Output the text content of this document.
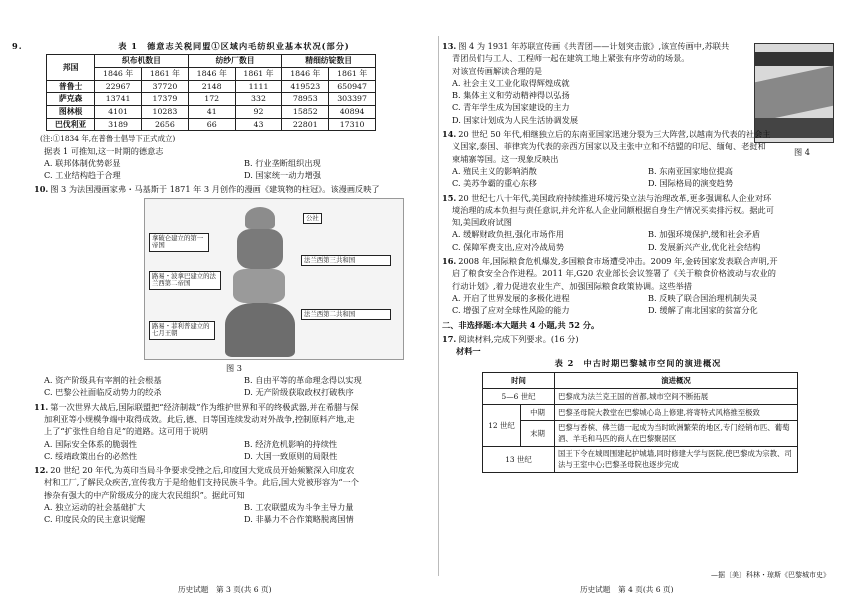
9.	表 1　德意志关税同盟①区域内毛纺织业基本状况(部分)
邦国	织布机数目		纺纱厂数目		精细纺锭数目	
	1846 年	1861 年	1846 年	1861 年	1846 年	1861 年
普鲁士	22967	37720	2148	1111	419523	650947
萨克森	13741	17379	172	332	78953	303397
图林根	4101	10283	41	92	15852	40894
巴伐利亚	3189	2656	66	43	22801	17310
(注:①1834 年,在普鲁士倡导下正式成立)
据表 1 可推知,这一时期的德意志
A. 联邦体制优势彰显	B. 行业垄断组织出现
C. 工业结构趋于合理	D. 国家统一动力增强
10. 图 3 为法国漫画家弗・马基斯于 1871 年 3 月创作的漫画《建筑物的柱冠》。该漫画反映了
公社
拿破仑建立的第一帝国
法兰西第三共和国
路易・波拿巴建立的法兰西第二帝国
法兰西第二共和国
路易・菲利普建立的七月王朝
图 3
A. 资产阶级具有宰割的社会根基	B. 自由平等的革命理念得以实现
C. 巴黎公社面临反动势力的绞杀	D. 无产阶级获取政权打破秩序
11. 第一次世界大战后,国际联盟把“经济制裁”作为维护世界和平的终极武器,并在希腊与保
加利亚等小规模争端中取得成效。此后,德、日等国连续发动对外战争,控制原料产地,走
上了“扩张性自给自足”的道路。这可用于说明
A. 国际安全体系的脆弱性	B. 经济危机影响的持续性
C. 绥靖政策出台的必然性	D. 大国一致原则的局限性
12. 20 世纪 20 年代,为英印当局斗争要求受挫之后,印度国大党成员开始频繁深入印度农
村和工厂,了解民众疾苦,宣传我方于是给他们支持民族斗争。此后,国大党被形容为“一个
掺杂有强大的中产阶级成分的庞大农民组织”。据此可知
A. 独立运动的社会基础扩大	B. 工农联盟成为斗争主导力量
C. 印度民众的民主意识觉醒	D. 非暴力不合作策略脱离国情
历史试题　第 3 页(共 6 页)
13. 图 4 为 1931 年苏联宣传画《共青团——计划突击旅》,该宣传画中,苏联共
青团员们与工人、工程师一起在建筑工地上紧张有序劳动的场景。
对该宣传画解读合理的是
A. 社会主义工业化取得辉煌成就
B. 集体主义和劳动精神得以弘扬
C. 青年学生成为国家建设的主力
D. 国家计划成为人民生活协调发展
图 4
14. 20 世纪 50 年代,相继独立后的东南亚国家迅速分裂为三大阵营,以越南为代表的社会主
义国家,泰国、菲律宾为代表的亲西方国家以及主张中立和不结盟的印尼、缅甸、老挝和
柬埔寨等国。这一现象反映出
A. 殖民主义的影响消散	B. 东南亚国家地位提高
C. 美苏争霸的重心东移	D. 国际格局的演变趋势
15. 20 世纪七八十年代,美国政府持续推进环境污染立法与治理改革,更多强调私人企业对环
境治理的成本负担与责任意识,并允许私人企业同额根据自身生产情况买卖排污权。据此可
知,美国政府试图
A. 缓解财政负担,强化市场作用	B. 加强环境保护,缓和社会矛盾
C. 保障军费支出,应对冷战局势	D. 发展新兴产业,优化社会结构
16. 2008 年,国际粮食危机爆发,多国粮食市场遭受冲击。2009 年,金砖国家发表联合声明,开
启了粮食安全合作进程。2011 年,G20 农业部长会议签署了《关于粮食价格波动与农业的
行动计划》,着力促进农业生产、加强国际粮食政策协调。这些举措
A. 开启了世界发展的多极化进程	B. 反映了联合国治理机制失灵
C. 增强了应对全球性风险的能力	D. 缓解了南北国家的贫富分化
二、非选择题:本大题共 4 小题,共 52 分。
17. 阅读材料,完成下列要求。(16 分)
材料一
表 2　中古时期巴黎城市空间的演进概况
时间		演进概况
5—6 世纪		巴黎成为法兰克王国的首都,城市空间不断拓展
12 世纪	中期	巴黎圣母院大教堂在巴黎城心岛上修建,将寄特式风格推至极致
	末期	巴黎与香槟、佛兰德一起成为当时欧洲繁荣的地区,专门经销布匹、葡萄酒、羊毛和马匹的商人在巴黎聚居区
13 世纪		国王下令在城周围建起护城墙,同时修建大学与医院,使巴黎成为宗教、司法与王室中心;巴黎圣母院也逐步完成
—据〔美〕科林・琼斯《巴黎城市史》
历史试题　第 4 页(共 6 页)
